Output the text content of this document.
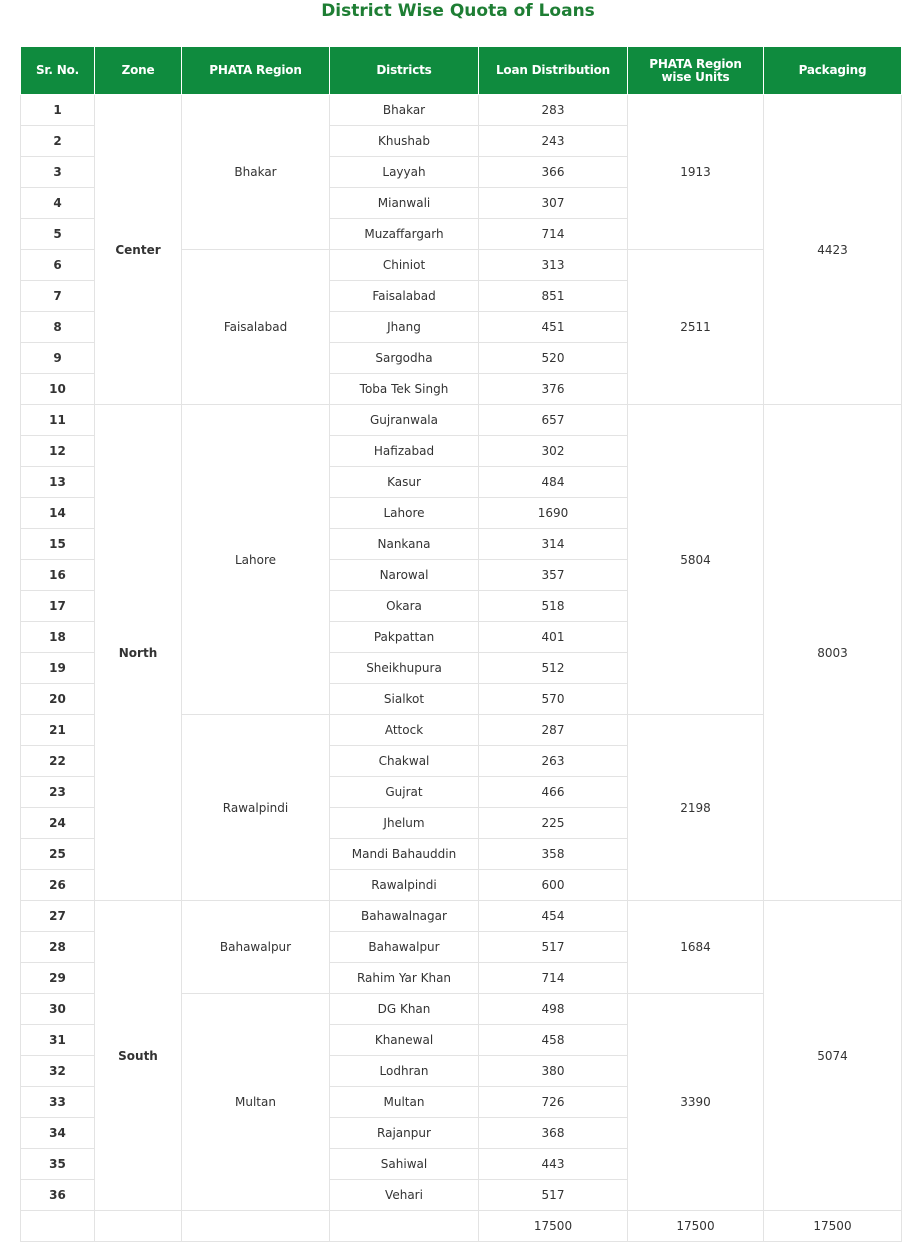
District Wise Quota of Loans
Sr. No.	Zone	PHATA Region	Districts	Loan Distribution	PHATA Region wise Units	Packaging
1	Center	Bhakar	Bhakar	283	1913	4423
2			Khushab	243		
3			Layyah	366		
4			Mianwali	307		
5			Muzaffargarh	714		
6		Faisalabad	Chiniot	313	2511	
7			Faisalabad	851		
8			Jhang	451		
9			Sargodha	520		
10			Toba Tek Singh	376		
11	North	Lahore	Gujranwala	657	5804	8003
12			Hafizabad	302		
13			Kasur	484		
14			Lahore	1690		
15			Nankana	314		
16			Narowal	357		
17			Okara	518		
18			Pakpattan	401		
19			Sheikhupura	512		
20			Sialkot	570		
21		Rawalpindi	Attock	287	2198	
22			Chakwal	263		
23			Gujrat	466		
24			Jhelum	225		
25			Mandi Bahauddin	358		
26			Rawalpindi	600		
27	South	Bahawalpur	Bahawalnagar	454	1684	5074
28			Bahawalpur	517		
29			Rahim Yar Khan	714		
30		Multan	DG Khan	498	3390	
31			Khanewal	458		
32			Lodhran	380		
33			Multan	726		
34			Rajanpur	368		
35			Sahiwal	443		
36			Vehari	517		
				17500	17500	17500
